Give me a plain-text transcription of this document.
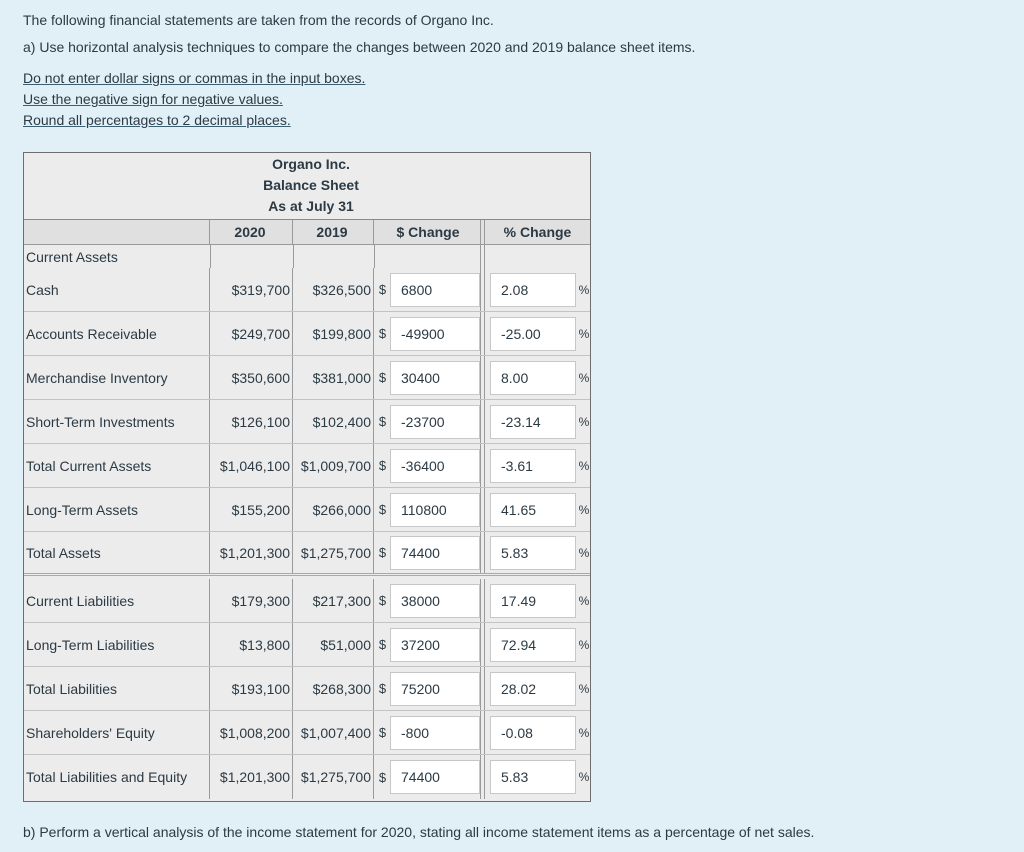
The following financial statements are taken from the records of Organo Inc.

a) Use horizontal analysis techniques to compare the changes between 2020 and 2019 balance sheet items.

Do not enter dollar signs or commas in the input boxes.
Use the negative sign for negative values.
Round all percentages to 2 decimal places.
Organo Inc.
Balance Sheet
As at July 31
2020	2019	$ Change	% Change
Current Assets
Cash	$319,700	$326,500 $	6800	2.08	%
Accounts Receivable	$249,700	$199,800 $	-49900	-25.00	%
Merchandise Inventory	$350,600	$381,000 $	30400	8.00	%
Short-Term Investments	$126,100	$102,400 $	-23700	-23.14	%
Total Current Assets	$1,046,100 $1,009,700 $	-36400	-3.61	%
Long-Term Assets	$155,200	$266,000 $	110800	41.65	%
Total Assets	$1,201,300 $1,275,700 $	74400	5.83	%
Current Liabilities	$179,300	$217,300 $	38000	17.49	%
Long-Term Liabilities	$13,800	$51,000 $	37200	72.94	%
Total Liabilities	$193,100	$268,300 $	75200	28.02	%
Shareholders' Equity	$1,008,200 $1,007,400 $	-800	-0.08	%
Total Liabilities and Equity	$1,201,300 $1,275,700 $	74400	5.83	%
b) Perform a vertical analysis of the income statement for 2020, stating all income statement items as a percentage of net sales.
